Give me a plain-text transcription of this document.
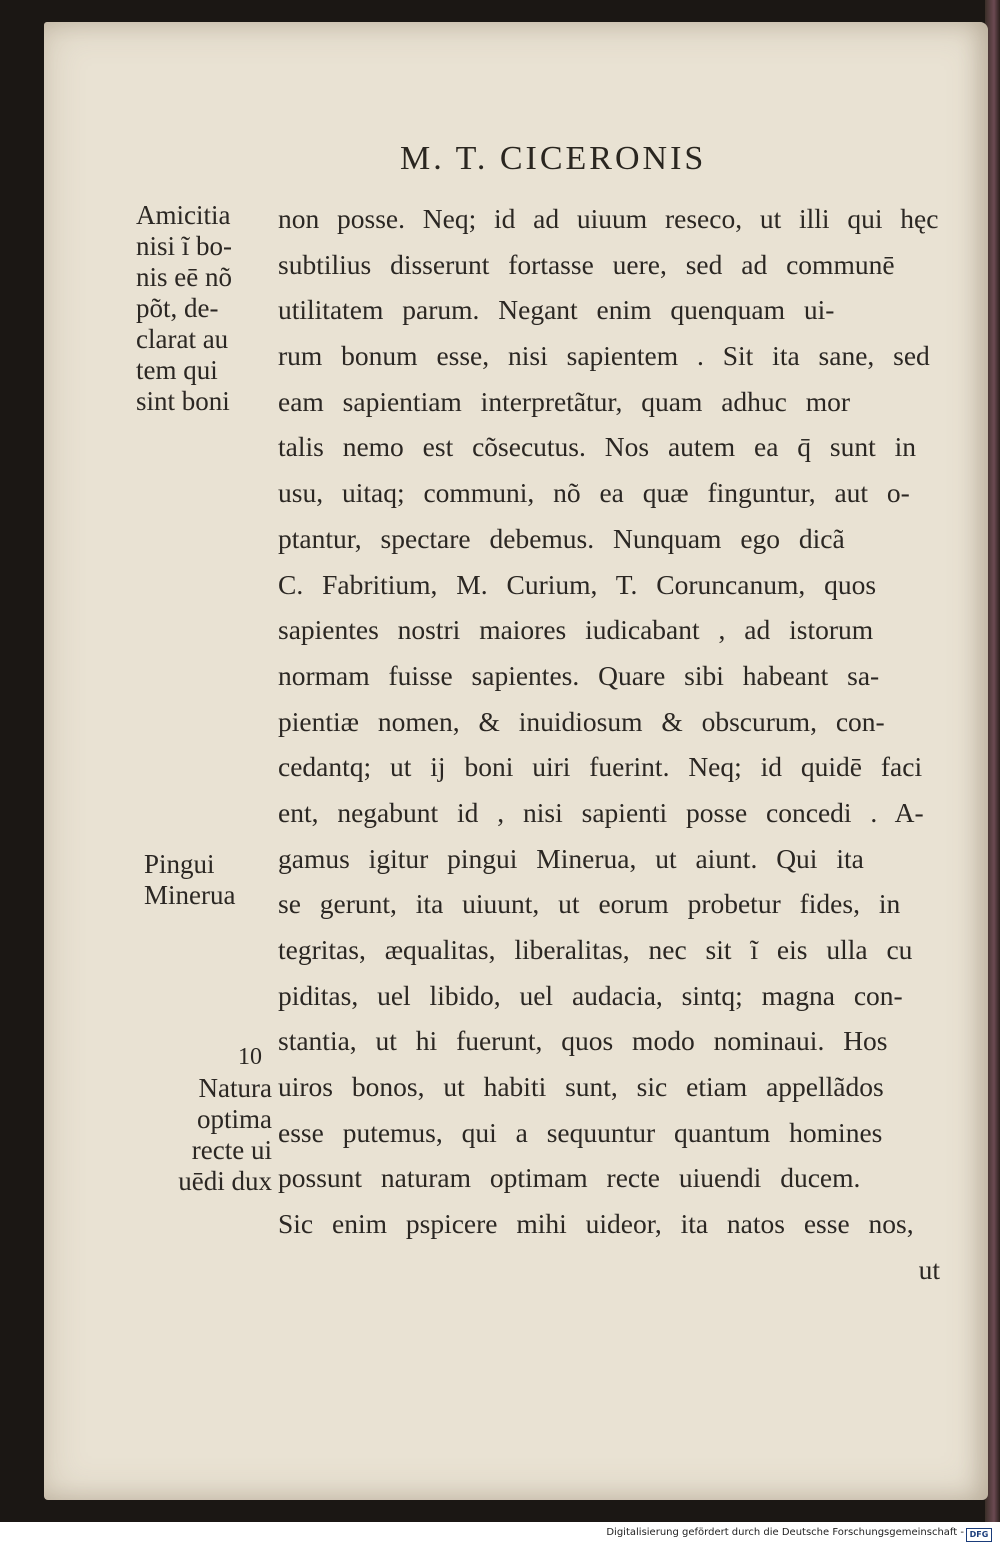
M. T. CICERONIS
Amicitia
nisi ĩ bo-
nis eē nõ
põt, de-
clarat au
tem qui
sint boni
Pingui
Minerua
10
Natura
optima
recte ui
uēdi dux
non posse. Neq; id ad uiuum reseco, ut illi qui hęc
subtilius disserunt fortasse uere, sed ad communē
utilitatem parum. Negant enim quenquam ui-
rum bonum esse, nisi sapientem . Sit ita sane, sed
eam sapientiam interpretãtur, quam adhuc mor
talis nemo est cõsecutus. Nos autem ea q̄ sunt in
usu, uitaq; communi, nõ ea quæ finguntur, aut o-
ptantur, spectare debemus. Nunquam ego dicã
C. Fabritium, M. Curium, T. Coruncanum, quos
sapientes nostri maiores iudicabant , ad istorum
normam fuisse sapientes. Quare sibi habeant sa-
pientiæ nomen, & inuidiosum & obscurum, con-
cedantq; ut ij boni uiri fuerint. Neq; id quidē faci
ent, negabunt id , nisi sapienti posse concedi . A-
gamus igitur pingui Minerua, ut aiunt. Qui ita
se gerunt, ita uiuunt, ut eorum probetur fides, in
tegritas, æqualitas, liberalitas, nec sit ĩ eis ulla cu
piditas, uel libido, uel audacia, sintq; magna con-
stantia, ut hi fuerunt, quos modo nominaui. Hos
uiros bonos, ut habiti sunt, sic etiam appellãdos
esse putemus, qui a sequuntur quantum homines
possunt naturam optimam recte uiuendi ducem.
Sic enim pspicere mihi uideor, ita natos esse nos,
ut
Digitalisierung gefördert durch die Deutsche Forschungsgemeinschaft - DFG
